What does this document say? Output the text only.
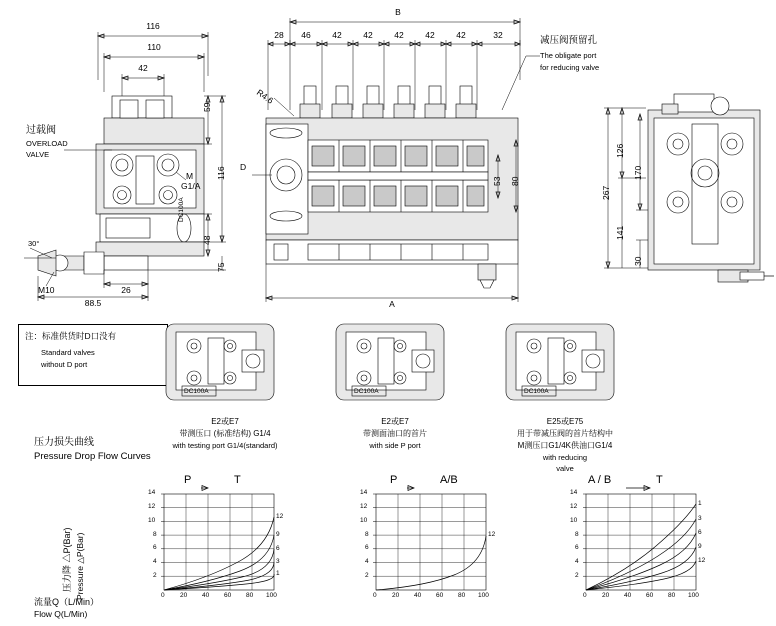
116
110
42
59
116
48
75
26
88.5
M
G1/A
30°
M10
DC100A
过载阀
OVERLOAD
VALVE
注：标准供货时D口没有
Standard valves
without D port
B
28	46	42	42	42	42	42	32
R4.6
D
53 80
A
减压阀预留孔
The obligate port
for reducing valve
126
170
267
141
30
DC100A
E2或E7
带测压口 (标准结构) G1/4
with testing port G1/4(standard)
DC100A
E2或E7
带测面油口的首片
with side P port
DC100A
E25或E75
用于带减压阀的首片结构中
M测压口G1/4K供油口G1/4
with reducing
valve
压力损失曲线
Pressure Drop Flow Curves
P	T
14
12
10
8
6
4
2
0 20 40 60 80 100
12
9
6
3
1
压力降 △P(Bar) Pressure △P(Bar)
流量Q（L/Min）
Flow Q(L/Min)
P	A/B
14
12
10
8
6
4
2
0 20 40 60 80 100
12
A / B	T
14
12
10
8
6
4
2
0 20 40 60 80 100
1
3
6
9
12
